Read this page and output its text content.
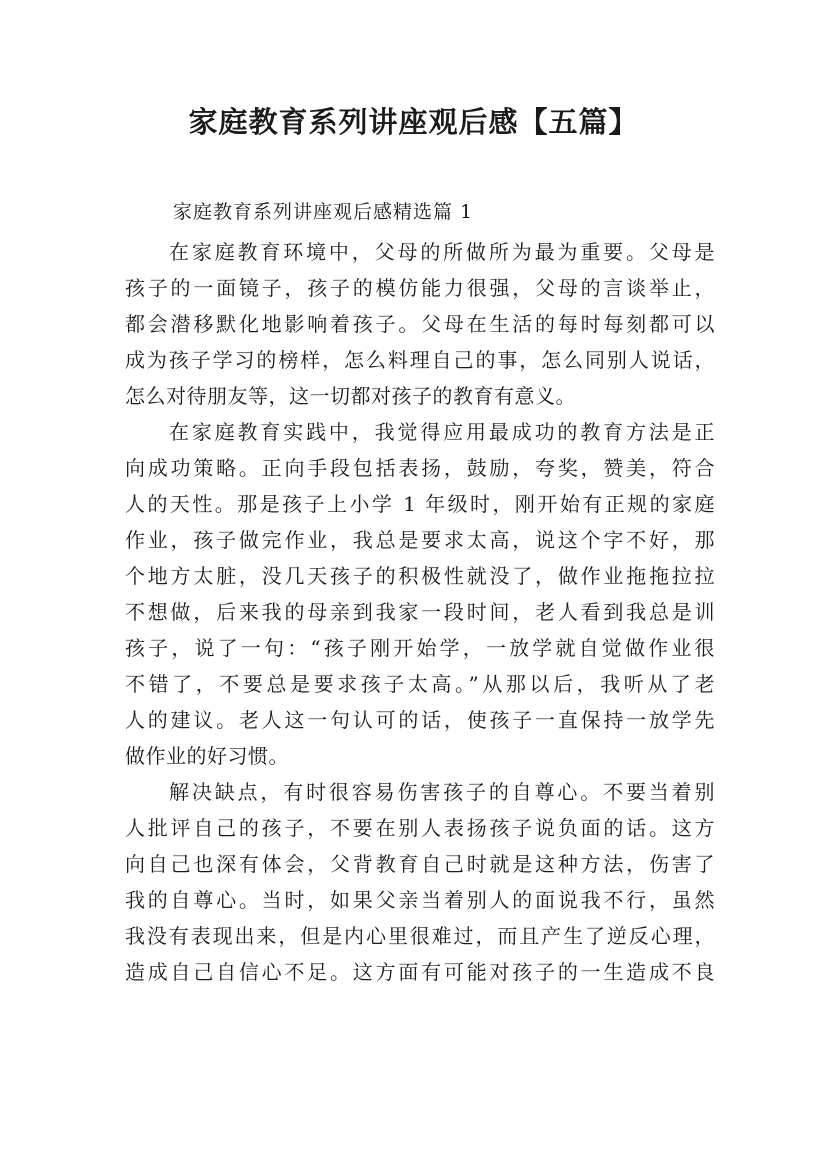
家庭教育系列讲座观后感【五篇】
家庭教育系列讲座观后感精选篇 1
在家庭教育环境中，父母的所做所为最为重要。父母是
孩子的一面镜子，孩子的模仿能力很强，父母的言谈举止，
都会潜移默化地影响着孩子。父母在生活的每时每刻都可以
成为孩子学习的榜样，怎么料理自己的事，怎么同别人说话，
怎么对待朋友等，这一切都对孩子的教育有意义。
在家庭教育实践中，我觉得应用最成功的教育方法是正
向成功策略。正向手段包括表扬，鼓励，夸奖，赞美，符合
人的天性。那是孩子上小学 1 年级时，刚开始有正规的家庭
作业，孩子做完作业，我总是要求太高，说这个字不好，那
个地方太脏，没几天孩子的积极性就没了，做作业拖拖拉拉
不想做，后来我的母亲到我家一段时间，老人看到我总是训
孩子，说了一句：“孩子刚开始学，一放学就自觉做作业很
不错了，不要总是要求孩子太高。”从那以后，我听从了老
人的建议。老人这一句认可的话，使孩子一直保持一放学先
做作业的好习惯。
解决缺点，有时很容易伤害孩子的自尊心。不要当着别
人批评自己的孩子，不要在别人表扬孩子说负面的话。这方
向自己也深有体会，父背教育自己时就是这种方法，伤害了
我的自尊心。当时，如果父亲当着别人的面说我不行，虽然
我没有表现出来，但是内心里很难过，而且产生了逆反心理，
造成自己自信心不足。这方面有可能对孩子的一生造成不良
